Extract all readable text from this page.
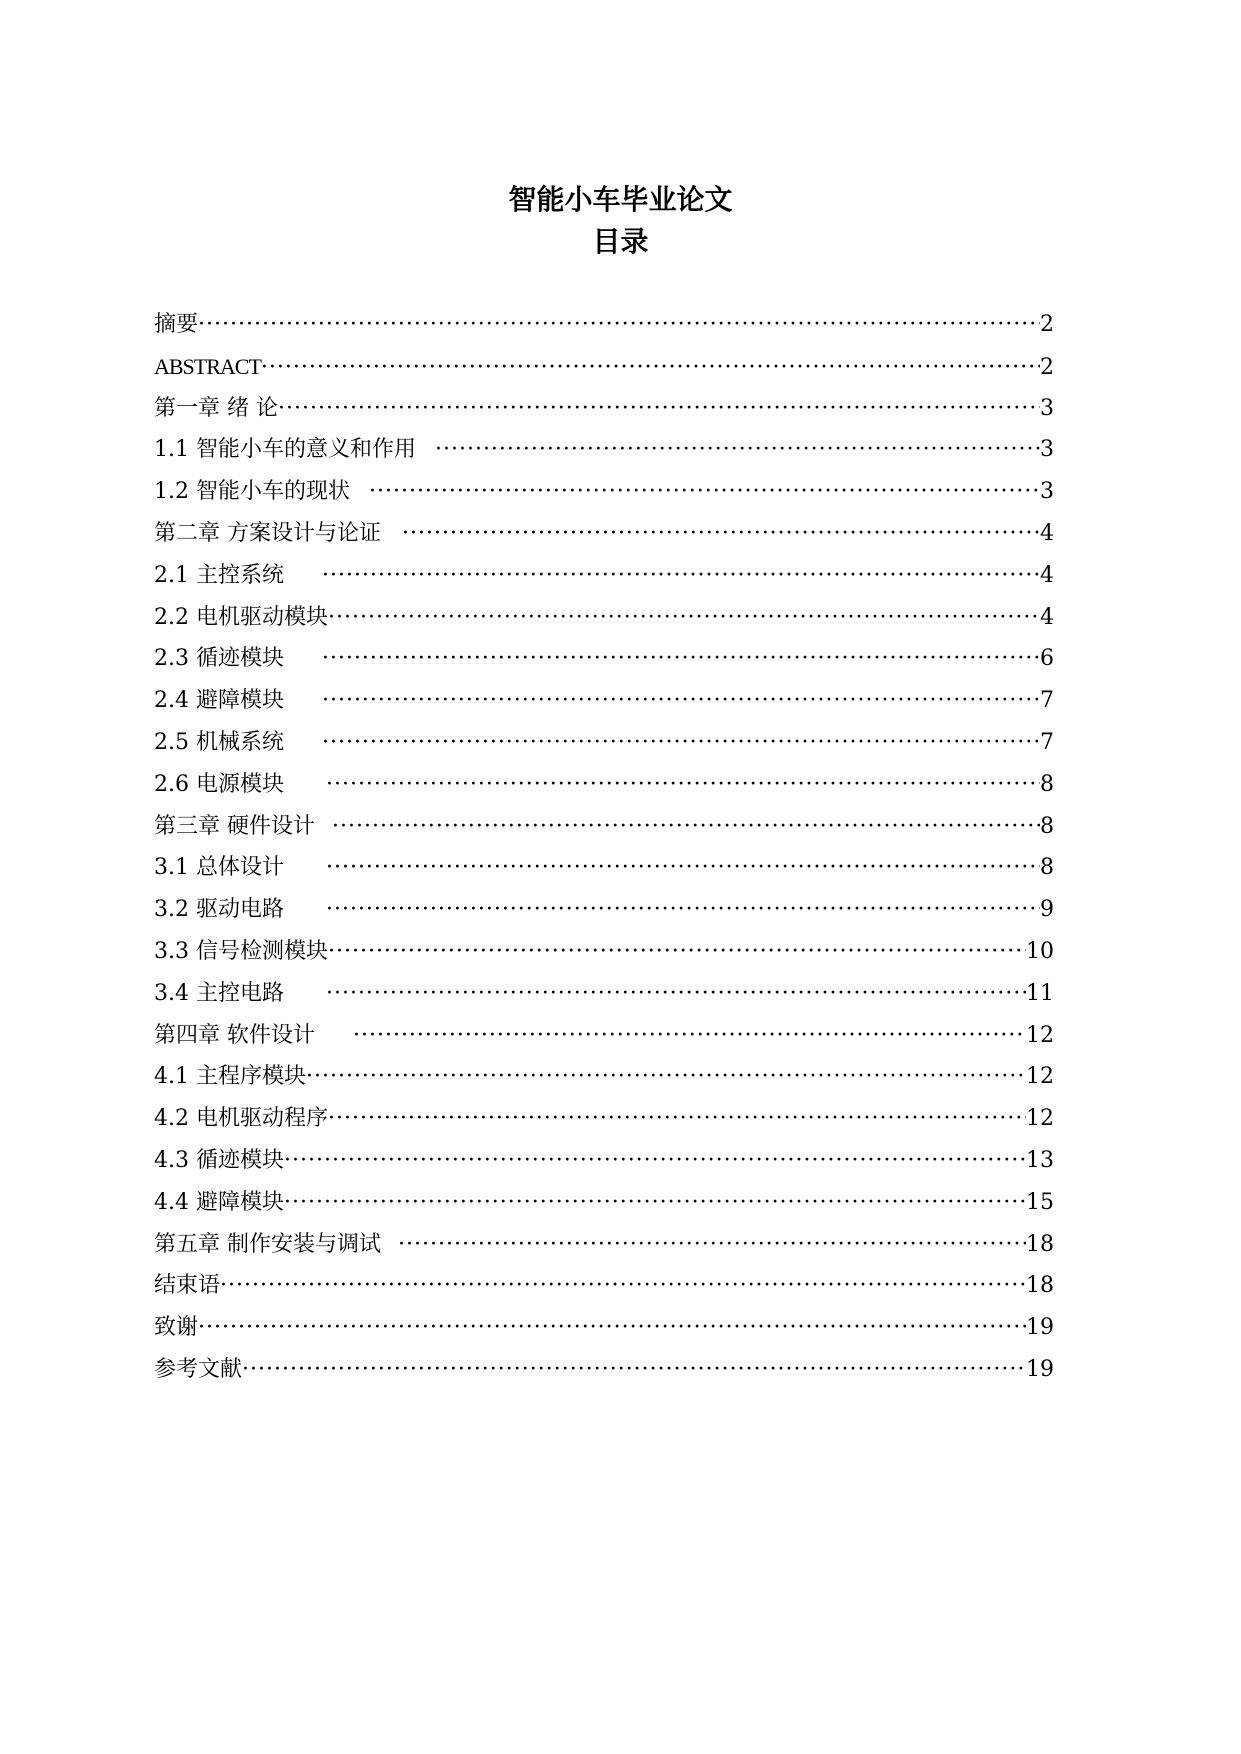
智能小车毕业论文
目录
摘要 ·····	2
ABSTRACT ·····	2
第一章 绪 论 ·····	3
1.1 智能小车的意义和作用 ·····	3
1.2 智能小车的现状 ·····	3
第二章 方案设计与论证 ·····	4
2.1 主控系统 ·····	4
2.2 电机驱动模块 ·····	4
2.3 循迹模块 ·····	6
2.4 避障模块 ·····	7
2.5 机械系统 ·····	7
2.6 电源模块 ·····	8
第三章 硬件设计 ·····	8
3.1 总体设计 ·····	8
3.2 驱动电路 ·····	9
3.3 信号检测模块 ·····	10
3.4 主控电路 ·····	11
第四章 软件设计 ·····	12
4.1 主程序模块 ·····	12
4.2 电机驱动程序 ·····	12
4.3 循迹模块 ·····	13
4.4 避障模块 ·····	15
第五章 制作安装与调试 ·····	18
结束语 ·····	18
致谢 ·····	19
参考文献 ·····	19
